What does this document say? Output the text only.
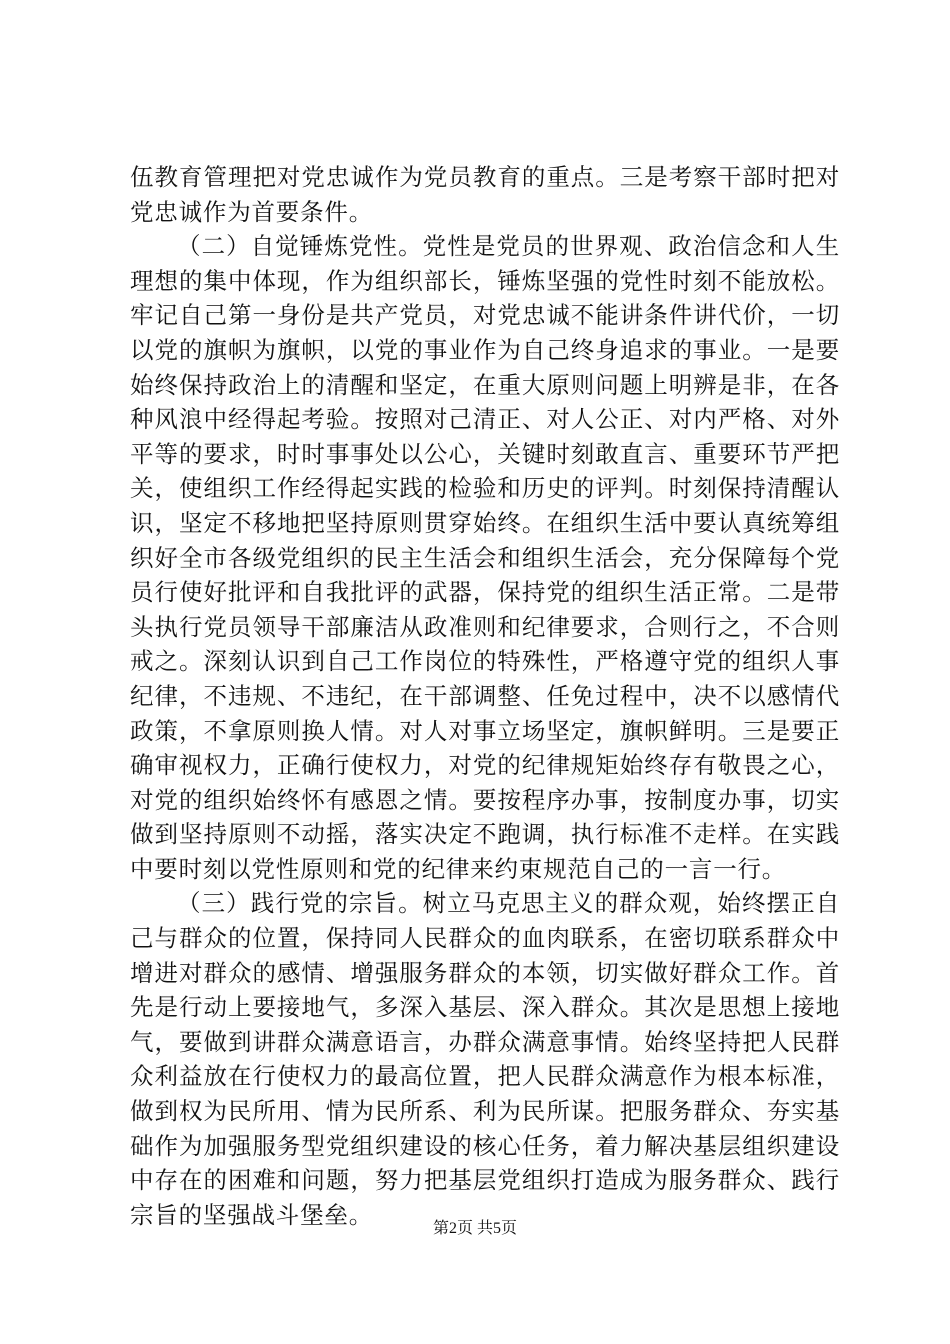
伍教育管理把对党忠诚作为党员教育的重点。三是考察干部时把对党忠诚作为首要条件。

（二）自觉锤炼党性。党性是党员的世界观、政治信念和人生理想的集中体现，作为组织部长，锤炼坚强的党性时刻不能放松。牢记自己第一身份是共产党员，对党忠诚不能讲条件讲代价，一切以党的旗帜为旗帜，以党的事业作为自己终身追求的事业。一是要始终保持政治上的清醒和坚定，在重大原则问题上明辨是非，在各种风浪中经得起考验。按照对己清正、对人公正、对内严格、对外平等的要求，时时事事处以公心，关键时刻敢直言、重要环节严把关，使组织工作经得起实践的检验和历史的评判。时刻保持清醒认识，坚定不移地把坚持原则贯穿始终。在组织生活中要认真统筹组织好全市各级党组织的民主生活会和组织生活会，充分保障每个党员行使好批评和自我批评的武器，保持党的组织生活正常。二是带头执行党员领导干部廉洁从政准则和纪律要求，合则行之，不合则戒之。深刻认识到自己工作岗位的特殊性，严格遵守党的组织人事纪律，不违规、不违纪，在干部调整、任免过程中，决不以感情代政策，不拿原则换人情。对人对事立场坚定，旗帜鲜明。三是要正确审视权力，正确行使权力，对党的纪律规矩始终存有敬畏之心，对党的组织始终怀有感恩之情。要按程序办事，按制度办事，切实做到坚持原则不动摇，落实决定不跑调，执行标准不走样。在实践中要时刻以党性原则和党的纪律来约束规范自己的一言一行。

（三）践行党的宗旨。树立马克思主义的群众观，始终摆正自己与群众的位置，保持同人民群众的血肉联系，在密切联系群众中增进对群众的感情、增强服务群众的本领，切实做好群众工作。首先是行动上要接地气，多深入基层、深入群众。其次是思想上接地气，要做到讲群众满意语言，办群众满意事情。始终坚持把人民群众利益放在行使权力的最高位置，把人民群众满意作为根本标准，做到权为民所用、情为民所系、利为民所谋。把服务群众、夯实基础作为加强服务型党组织建设的核心任务，着力解决基层组织建设中存在的困难和问题，努力把基层党组织打造成为服务群众、践行宗旨的坚强战斗堡垒。	第2页 共5页
